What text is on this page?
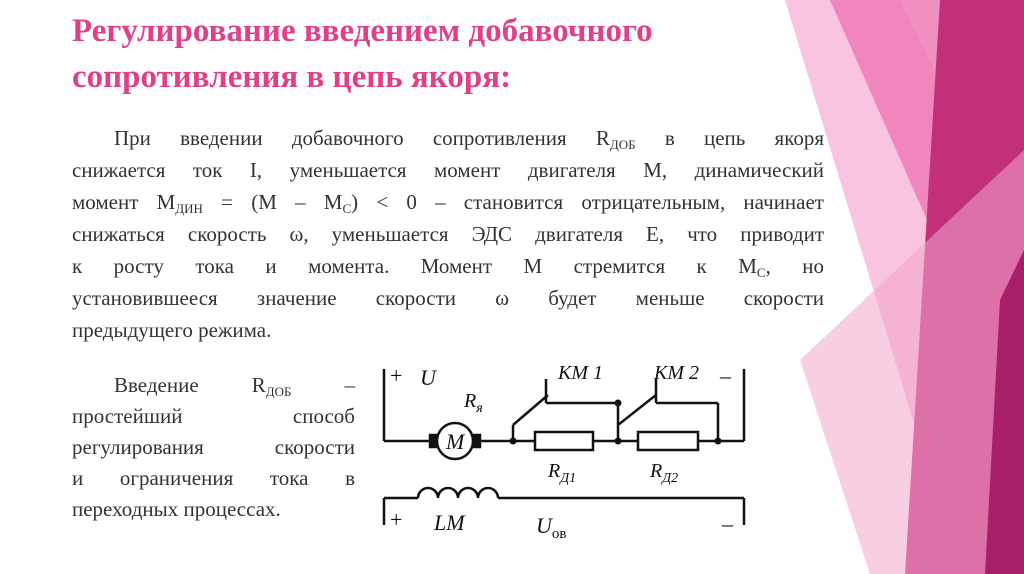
Регулирование введением добавочного
сопротивления в цепь якоря:
При введении добавочного сопротивления $R_{ДОБ}$ в цепь якоря
снижается ток I, уменьшается момент двигателя M, динамический
момент $M_{ДИН} = (M - M_С) < 0$ – становится отрицательным, начинает
снижаться скорость ω, уменьшается ЭДС двигателя E, что приводит
к росту тока и момента. Момент M стремится к $M_С$, но
установившееся значение скорости ω будет меньше скорости
предыдущего режима.
Введение $R_{ДОБ}$ –
простейший способ
регулирования скорости
и ограничения тока в
переходных процессах.
+ U	–
M
$R_я$
KM 1	KM 2
$R_{Д1}$	$R_{Д2}$
+ LM	$U_{ов}$	–
